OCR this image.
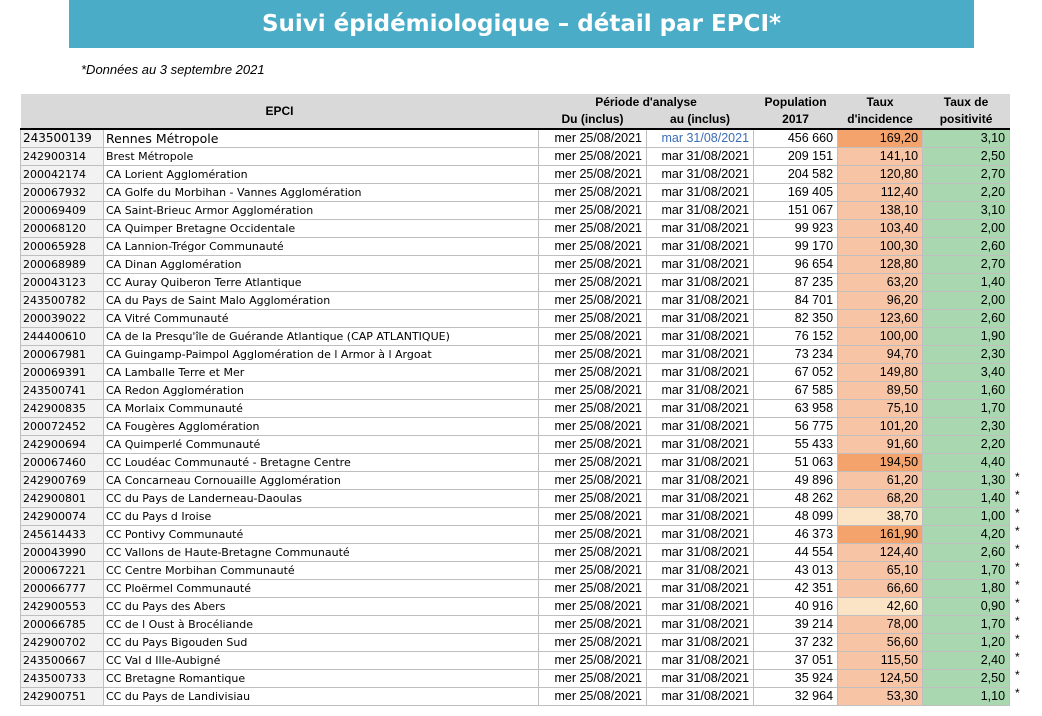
Suivi épidémiologique – détail par EPCI*
*Données au 3 septembre 2021
EPCI		Période d'analyse		Population	Taux	Taux de
		Du (inclus)	au (inclus)	2017	d'incidence	positivité
243500139	Rennes Métropole	mer 25/08/2021	mar 31/08/2021	456 660	169,20	3,10
242900314	Brest Métropole	mer 25/08/2021	mar 31/08/2021	209 151	141,10	2,50
200042174	CA Lorient Agglomération	mer 25/08/2021	mar 31/08/2021	204 582	120,80	2,70
200067932	CA Golfe du Morbihan - Vannes Agglomération	mer 25/08/2021	mar 31/08/2021	169 405	112,40	2,20
200069409	CA Saint-Brieuc Armor Agglomération	mer 25/08/2021	mar 31/08/2021	151 067	138,10	3,10
200068120	CA Quimper Bretagne Occidentale	mer 25/08/2021	mar 31/08/2021	99 923	103,40	2,00
200065928	CA Lannion-Trégor Communauté	mer 25/08/2021	mar 31/08/2021	99 170	100,30	2,60
200068989	CA Dinan Agglomération	mer 25/08/2021	mar 31/08/2021	96 654	128,80	2,70
200043123	CC Auray Quiberon Terre Atlantique	mer 25/08/2021	mar 31/08/2021	87 235	63,20	1,40
243500782	CA du Pays de Saint Malo Agglomération	mer 25/08/2021	mar 31/08/2021	84 701	96,20	2,00
200039022	CA Vitré Communauté	mer 25/08/2021	mar 31/08/2021	82 350	123,60	2,60
244400610	CA de la Presqu'île de Guérande Atlantique (CAP ATLANTIQUE)	mer 25/08/2021	mar 31/08/2021	76 152	100,00	1,90
200067981	CA Guingamp-Paimpol Agglomération de l Armor à l Argoat	mer 25/08/2021	mar 31/08/2021	73 234	94,70	2,30
200069391	CA Lamballe Terre et Mer	mer 25/08/2021	mar 31/08/2021	67 052	149,80	3,40
243500741	CA Redon Agglomération	mer 25/08/2021	mar 31/08/2021	67 585	89,50	1,60
242900835	CA Morlaix Communauté	mer 25/08/2021	mar 31/08/2021	63 958	75,10	1,70
200072452	CA Fougères Agglomération	mer 25/08/2021	mar 31/08/2021	56 775	101,20	2,30
242900694	CA Quimperlé Communauté	mer 25/08/2021	mar 31/08/2021	55 433	91,60	2,20
200067460	CC Loudéac Communauté - Bretagne Centre	mer 25/08/2021	mar 31/08/2021	51 063	194,50	4,40
242900769	CA Concarneau Cornouaille Agglomération	mer 25/08/2021	mar 31/08/2021	49 896	61,20	1,30
242900801	CC du Pays de Landerneau-Daoulas	mer 25/08/2021	mar 31/08/2021	48 262	68,20	1,40
242900074	CC du Pays d Iroise	mer 25/08/2021	mar 31/08/2021	48 099	38,70	1,00
245614433	CC Pontivy Communauté	mer 25/08/2021	mar 31/08/2021	46 373	161,90	4,20
200043990	CC Vallons de Haute-Bretagne Communauté	mer 25/08/2021	mar 31/08/2021	44 554	124,40	2,60
200067221	CC Centre Morbihan Communauté	mer 25/08/2021	mar 31/08/2021	43 013	65,10	1,70
200066777	CC Ploërmel Communauté	mer 25/08/2021	mar 31/08/2021	42 351	66,60	1,80
242900553	CC du Pays des Abers	mer 25/08/2021	mar 31/08/2021	40 916	42,60	0,90
200066785	CC de l Oust à Brocéliande	mer 25/08/2021	mar 31/08/2021	39 214	78,00	1,70
242900702	CC du Pays Bigouden Sud	mer 25/08/2021	mar 31/08/2021	37 232	56,60	1,20
243500667	CC Val d Ille-Aubigné	mer 25/08/2021	mar 31/08/2021	37 051	115,50	2,40
243500733	CC Bretagne Romantique	mer 25/08/2021	mar 31/08/2021	35 924	124,50	2,50
242900751	CC du Pays de Landivisiau	mer 25/08/2021	mar 31/08/2021	32 964	53,30	1,10
*
*
*
*
*
*
*
*
*
*
*
*
*
